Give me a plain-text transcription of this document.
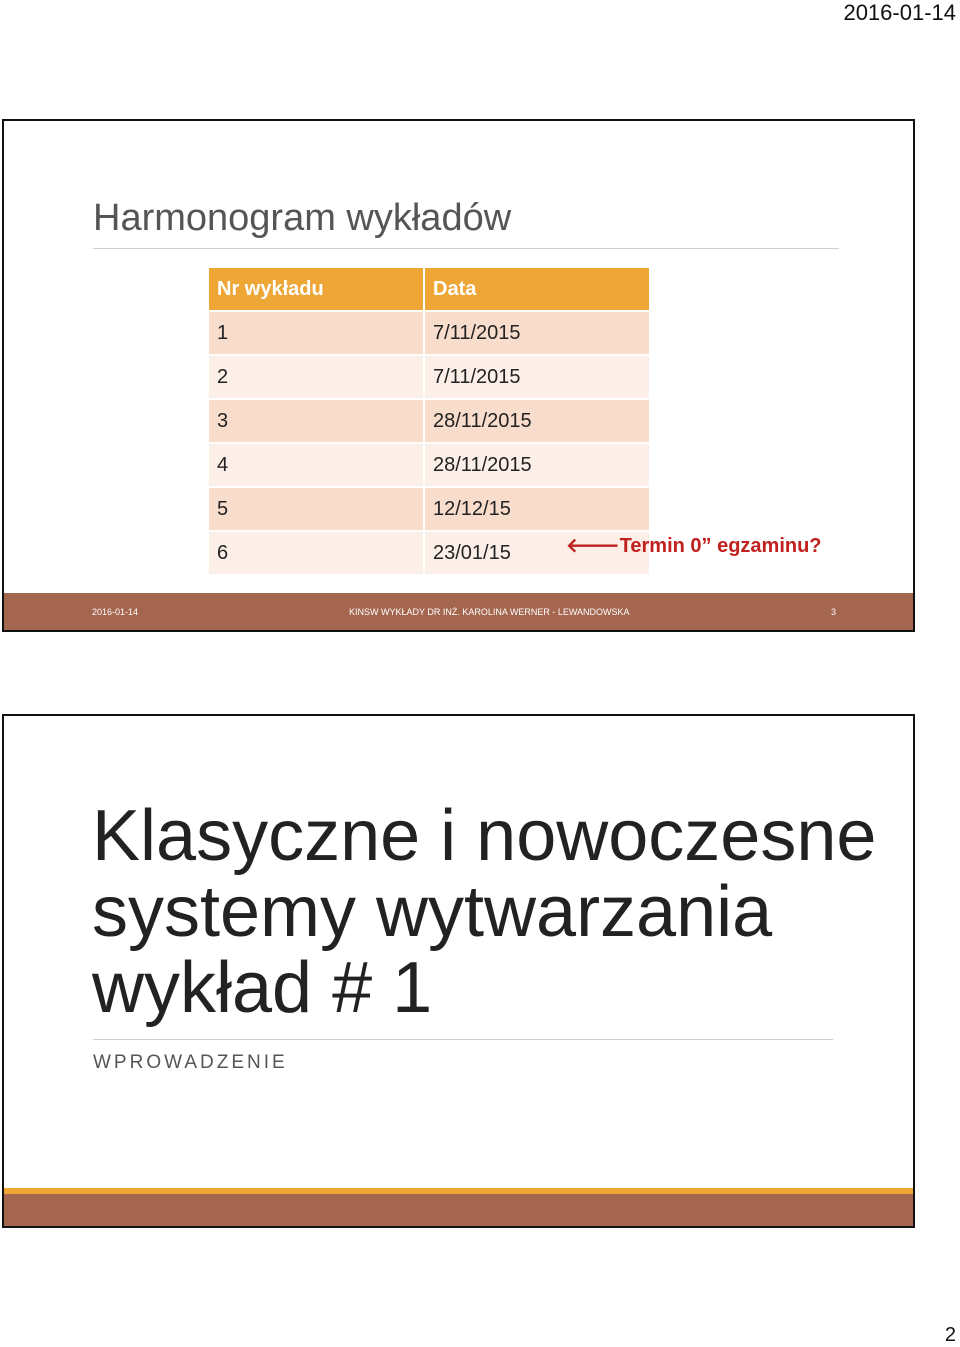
2016-01-14
Harmonogram wykładów
Nr wykładu	Data
1	7/11/2015
2	7/11/2015
3	28/11/2015
4	28/11/2015
5	12/12/15
6	23/01/15	🡐Termin 0” egzaminu?
2016-01-14	KINSW WYKŁADY DR INŻ. KAROLINA WERNER - LEWANDOWSKA	3
Klasyczne i nowoczesne
systemy wytwarzania
wykład # 1
WPROWADZENIE
2
